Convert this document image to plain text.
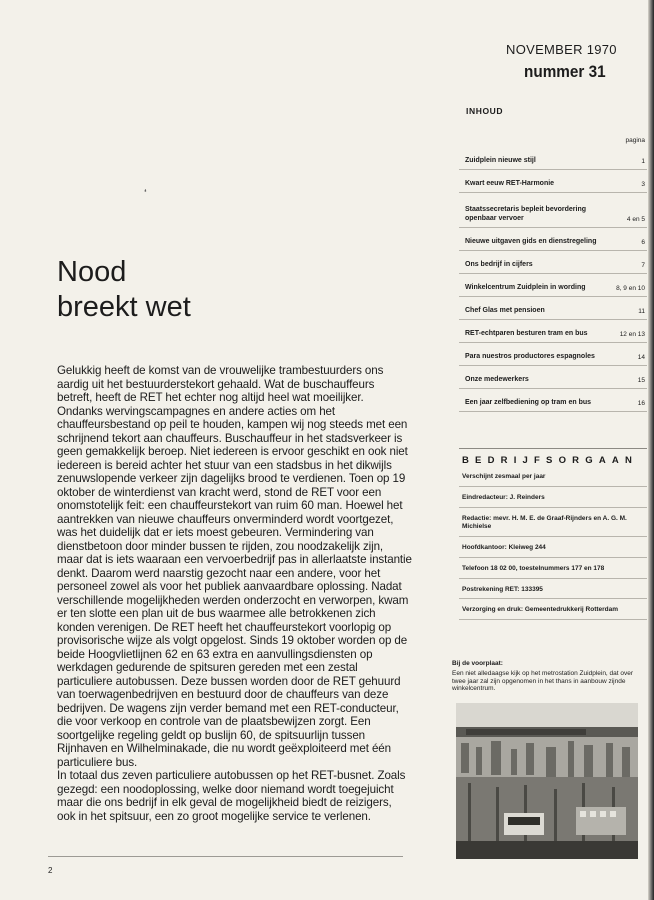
❛
NOVEMBER 1970
nummer 31
INHOUD
pagina
Zuidplein nieuwe stijl	1
Kwart eeuw RET-Harmonie	3
Staatssecretaris bepleit bevordering openbaar vervoer	4 en 5
Nieuwe uitgaven gids en dienstregeling	6
Ons bedrijf in cijfers	7
Winkelcentrum Zuidplein in wording	8, 9 en 10
Chef Glas met pensioen	11
RET-echtparen besturen tram en bus	12 en 13
Para nuestros productores espagnoles	14
Onze medewerkers	15
Een jaar zelfbediening op tram en bus	16
BEDRIJFSORGAAN
Verschijnt zesmaal per jaar
Eindredacteur: J. Reinders
Redactie: mevr. H. M. E. de Graaf-Rijnders en A. G. M. Michielse
Hoofdkantoor: Kleiweg 244
Telefoon 18 02 00, toestelnummers 177 en 178
Postrekening RET: 133395
Verzorging en druk: Gemeentedrukkerij Rotterdam
Bij de voorplaat:
Een niet alledaagse kijk op het metrostation Zuidplein, dat over twee jaar zal zijn opgenomen in het thans in aanbouw zijnde winkelcentrum.
Nood
breekt wet

Gelukkig heeft de komst van de vrouwelijke trambestuurders ons aardig uit het bestuurderstekort gehaald. Wat de buschauffeurs betreft, heeft de RET het echter nog altijd heel wat moeilijker. Ondanks wervingscampagnes en andere acties om het chauffeursbestand op peil te houden, kampen wij nog steeds met een schrijnend tekort aan chauffeurs. Buschauffeur in het stadsverkeer is geen gemakkelijk beroep. Niet iedereen is ervoor geschikt en ook niet iedereen is bereid achter het stuur van een stadsbus in het dikwijls zenuwslopende verkeer zijn dagelijks brood te verdienen. Toen op 19 oktober de winterdienst van kracht werd, stond de RET voor een onomstotelijk feit: een chauffeurstekort van ruim 60 man. Hoewel het aantrekken van nieuwe chauffeurs onverminderd wordt voortgezet, was het duidelijk dat er iets moest gebeuren. Vermindering van dienstbetoon door minder bussen te rijden, zou noodzakelijk zijn, maar dat is iets waaraan een vervoerbedrijf pas in allerlaatste instantie denkt. Daarom werd naarstig gezocht naar een andere, voor het personeel zowel als voor het publiek aanvaardbare oplossing. Nadat verschillende mogelijkheden werden onderzocht en verworpen, kwam er ten slotte een plan uit de bus waarmee alle betrokkenen zich konden verenigen. De RET heeft het chauffeurstekort voorlopig op provisorische wijze als volgt opgelost. Sinds 19 oktober worden op de beide Hoogvlietlijnen 62 en 63 extra en aanvullingsdiensten op werkdagen gedurende de spitsuren gereden met een zestal particuliere autobussen. Deze bussen worden door de RET gehuurd van toerwagenbedrijven en bestuurd door de chauffeurs van deze bedrijven. De wagens zijn verder bemand met een RET-conducteur, die voor verkoop en controle van de plaatsbewijzen zorgt. Een soortgelijke regeling geldt op buslijn 60, de spitsuurlijn tussen Rijnhaven en Wilhelminakade, die nu wordt geëxploiteerd met één particuliere bus.

In totaal dus zeven particuliere autobussen op het RET-busnet. Zoals gezegd: een noodoplossing, welke door niemand wordt toegejuicht maar die ons bedrijf in elk geval de mogelijkheid biedt de reizigers, ook in het spitsuur, een zo groot mogelijke service te verlenen.

2
